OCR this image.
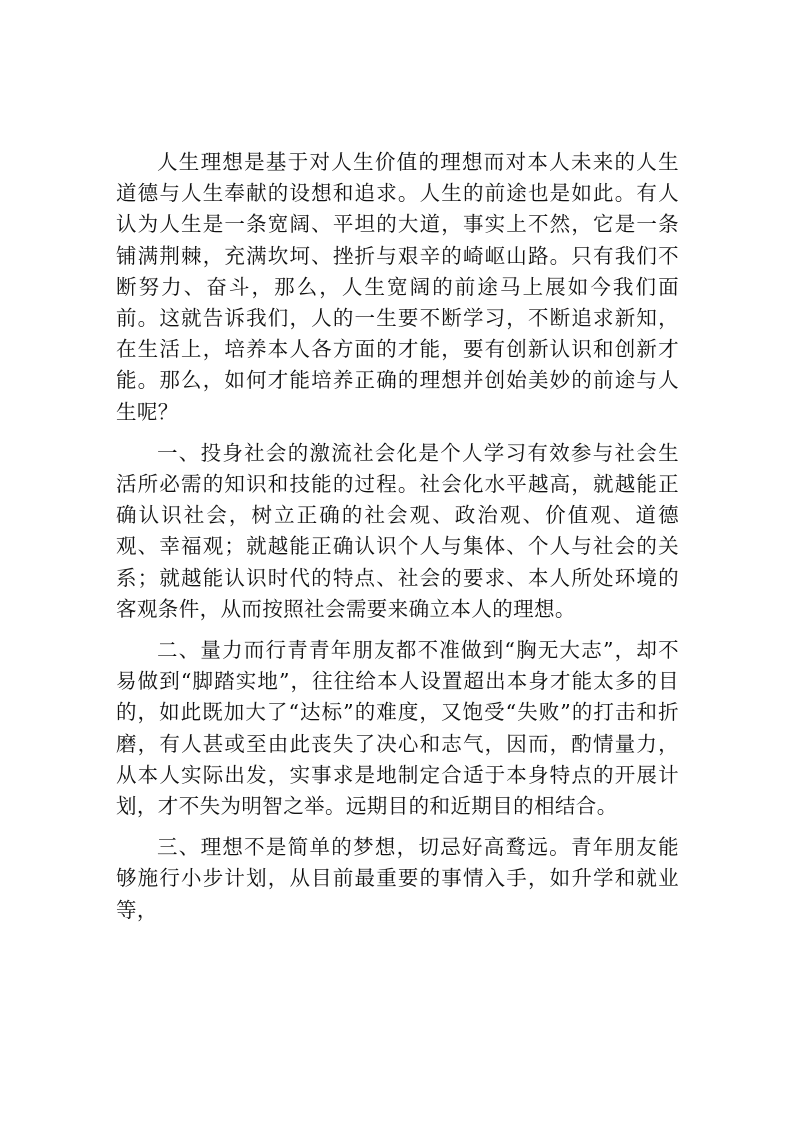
人生理想是基于对人生价值的理想而对本人未来的人生道德与人生奉献的设想和追求。人生的前途也是如此。有人认为人生是一条宽阔、平坦的大道，事实上不然，它是一条铺满荆棘，充满坎坷、挫折与艰辛的崎岖山路。只有我们不断努力、奋斗，那么，人生宽阔的前途马上展如今我们面前。这就告诉我们，人的一生要不断学习，不断追求新知，在生活上，培养本人各方面的才能，要有创新认识和创新才能。那么，如何才能培养正确的理想并创始美妙的前途与人生呢？

一、投身社会的激流社会化是个人学习有效参与社会生活所必需的知识和技能的过程。社会化水平越高，就越能正确认识社会，树立正确的社会观、政治观、价值观、道德观、幸福观；就越能正确认识个人与集体、个人与社会的关系；就越能认识时代的特点、社会的要求、本人所处环境的客观条件，从而按照社会需要来确立本人的理想。

二、量力而行青青年朋友都不准做到“胸无大志”，却不易做到“脚踏实地”，往往给本人设置超出本身才能太多的目的，如此既加大了“达标”的难度，又饱受“失败”的打击和折磨，有人甚或至由此丧失了决心和志气，因而，酌情量力，从本人实际出发，实事求是地制定合适于本身特点的开展计划，才不失为明智之举。远期目的和近期目的相结合。

三、理想不是简单的梦想，切忌好高鹜远。青年朋友能够施行小步计划，从目前最重要的事情入手，如升学和就业等，
